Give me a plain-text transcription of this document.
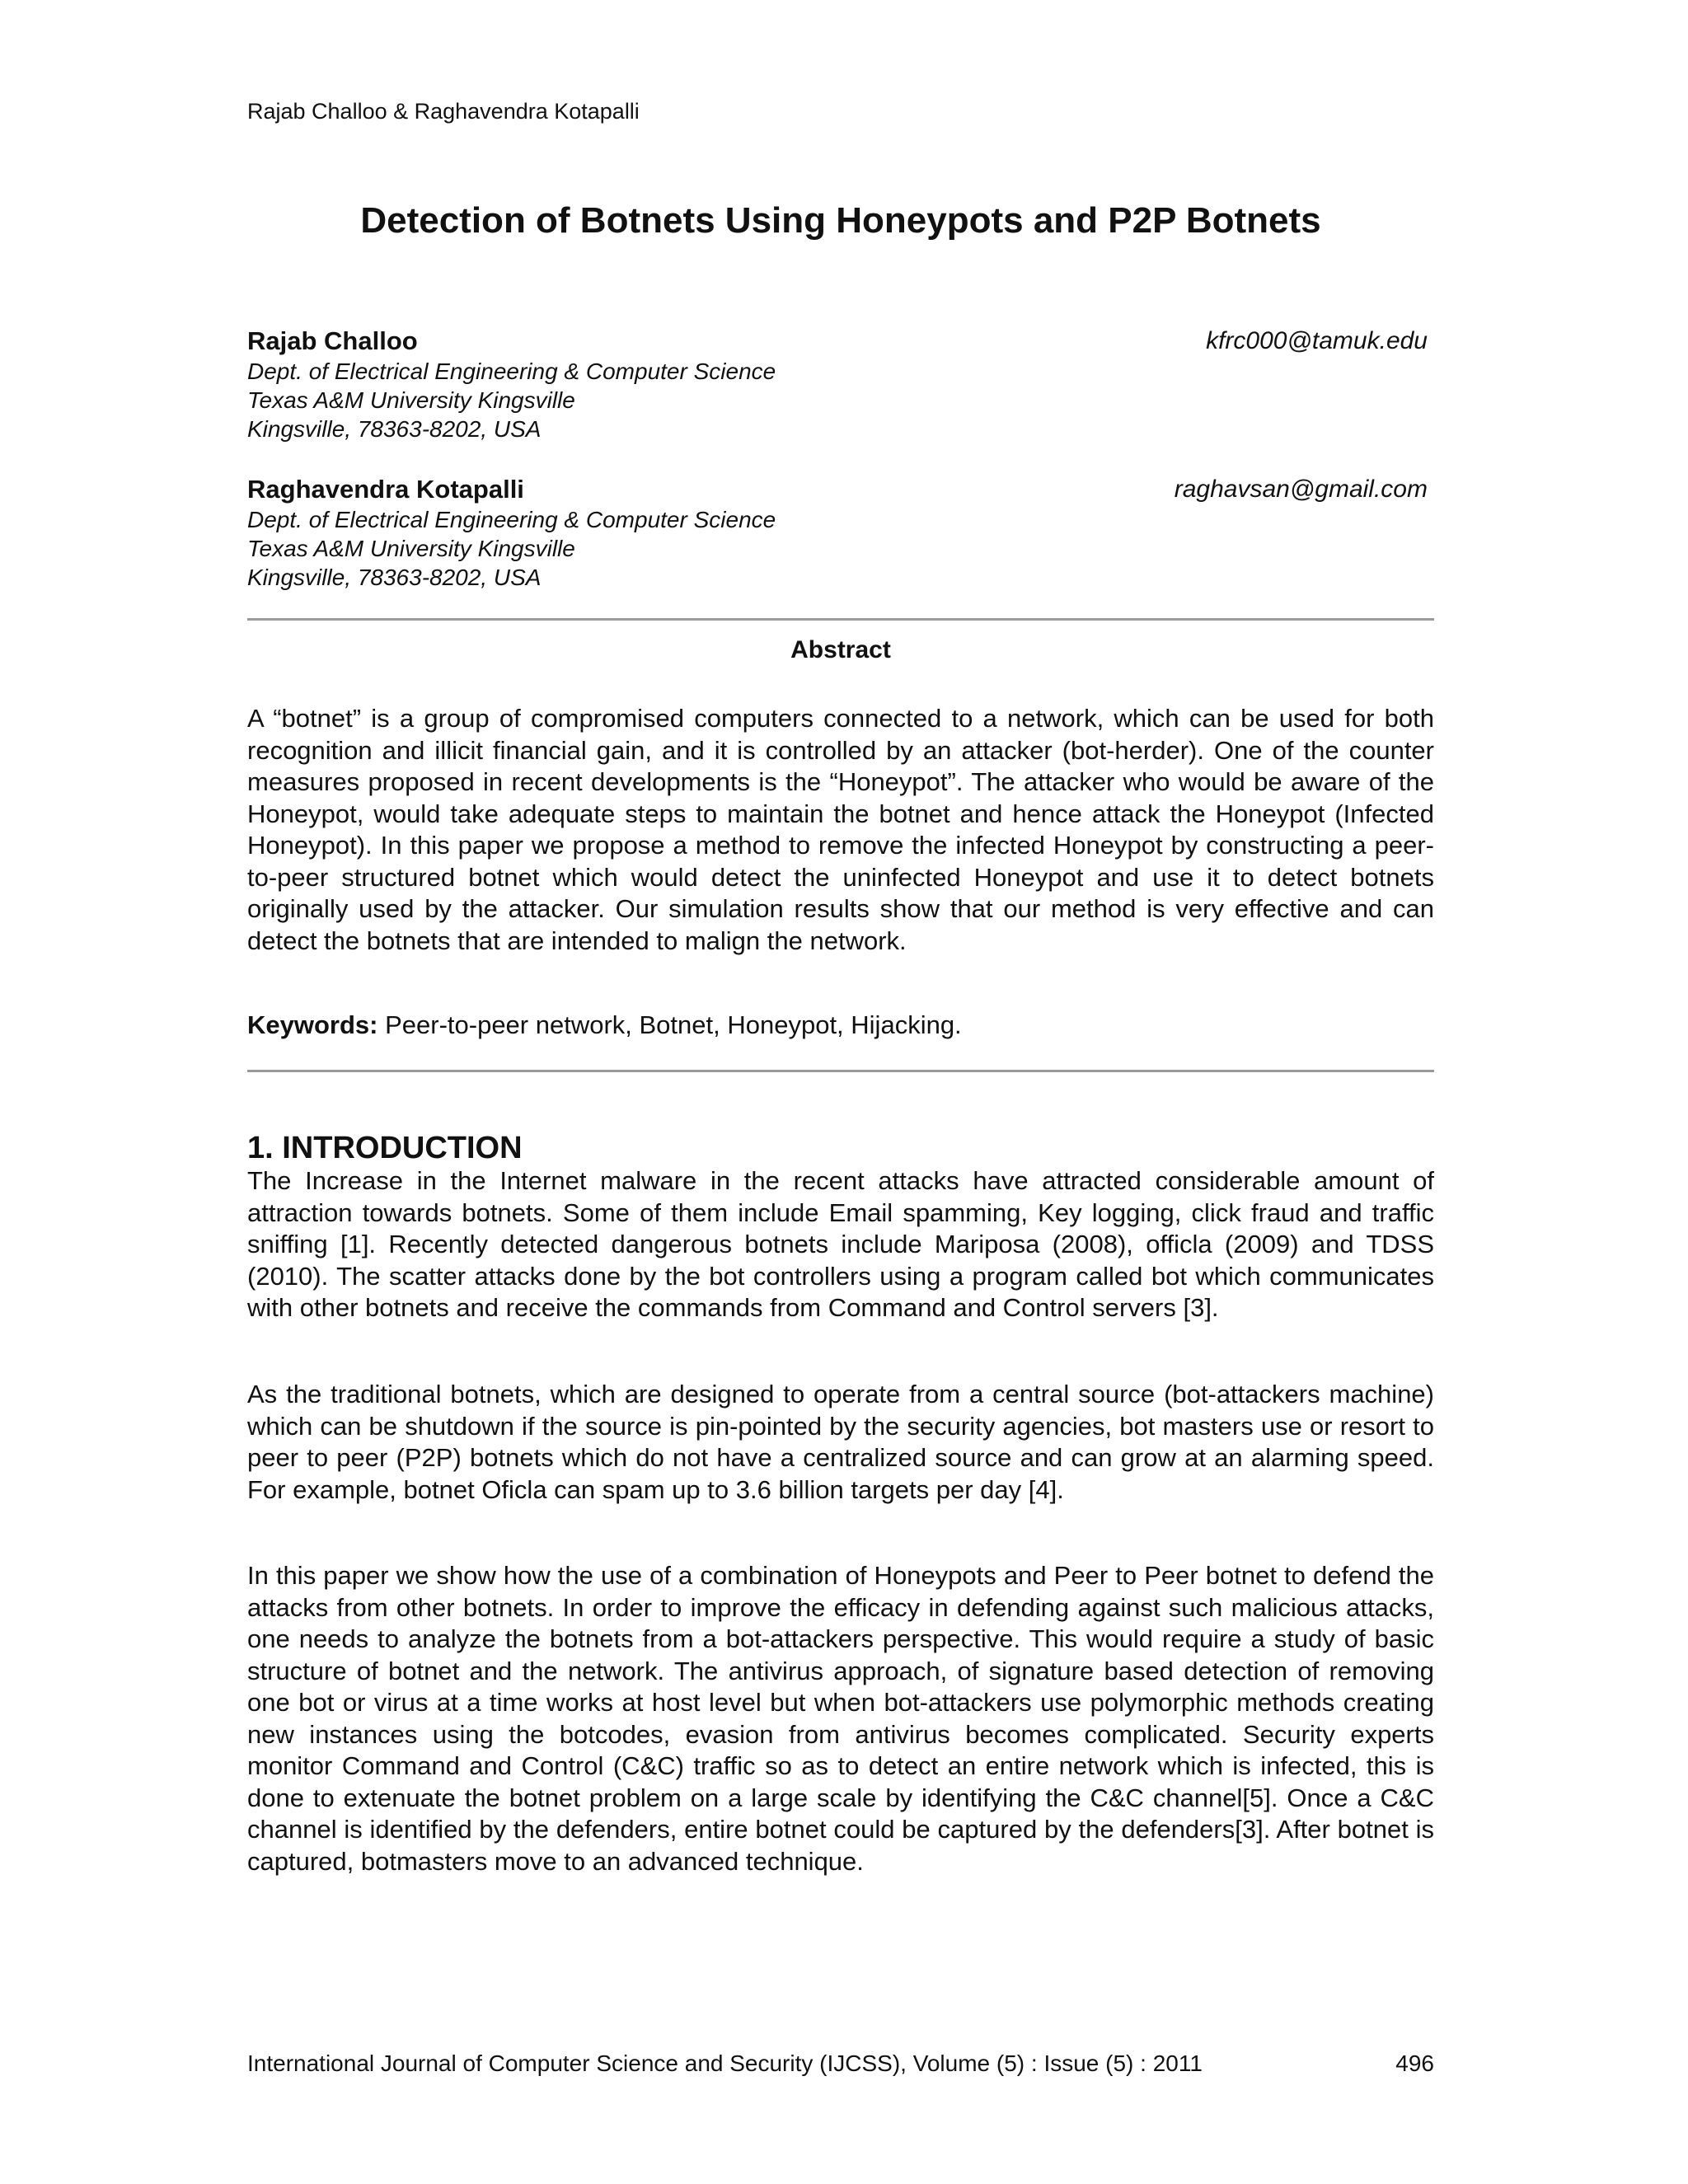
Rajab Challoo & Raghavendra Kotapalli
Detection of Botnets Using Honeypots and P2P Botnets
Rajab Challoo	kfrc000@tamuk.edu
Dept. of Electrical Engineering & Computer Science
Texas A&M University Kingsville
Kingsville, 78363-8202, USA
Raghavendra Kotapalli	raghavsan@gmail.com
Dept. of Electrical Engineering & Computer Science
Texas A&M University Kingsville
Kingsville, 78363-8202, USA
Abstract

A “botnet” is a group of compromised computers connected to a network, which can be used for both recognition and illicit financial gain, and it is controlled by an attacker (bot-herder). One of the counter measures proposed in recent developments is the “Honeypot”. The attacker who would be aware of the Honeypot, would take adequate steps to maintain the botnet and hence attack the Honeypot (Infected Honeypot). In this paper we propose a method to remove the infected Honeypot by constructing a peer-to-peer structured botnet which would detect the uninfected Honeypot and use it to detect botnets originally used by the attacker. Our simulation results show that our method is very effective and can detect the botnets that are intended to malign the network.

Keywords: Peer-to-peer network, Botnet, Honeypot, Hijacking.

1. INTRODUCTION

The Increase in the Internet malware in the recent attacks have attracted considerable amount of attraction towards botnets. Some of them include Email spamming, Key logging, click fraud and traffic sniffing [1]. Recently detected dangerous botnets include Mariposa (2008), officla (2009) and TDSS (2010). The scatter attacks done by the bot controllers using a program called bot which communicates with other botnets and receive the commands from Command and Control servers [3].

As the traditional botnets, which are designed to operate from a central source (bot-attackers machine) which can be shutdown if the source is pin-pointed by the security agencies, bot masters use or resort to peer to peer (P2P) botnets which do not have a centralized source and can grow at an alarming speed. For example, botnet Oficla can spam up to 3.6 billion targets per day [4].

In this paper we show how the use of a combination of Honeypots and Peer to Peer botnet to defend the attacks from other botnets. In order to improve the efficacy in defending against such malicious attacks, one needs to analyze the botnets from a bot-attackers perspective. This would require a study of basic structure of botnet and the network. The antivirus approach, of signature based detection of removing one bot or virus at a time works at host level but when bot-attackers use polymorphic methods creating new instances using the botcodes, evasion from antivirus becomes complicated. Security experts monitor Command and Control (C&C) traffic so as to detect an entire network which is infected, this is done to extenuate the botnet problem on a large scale by identifying the C&C channel[5]. Once a C&C channel is identified by the defenders, entire botnet could be captured by the defenders[3]. After botnet is captured, botmasters move to an advanced technique.

International Journal of Computer Science and Security (IJCSS), Volume (5) : Issue (5) : 2011	496
